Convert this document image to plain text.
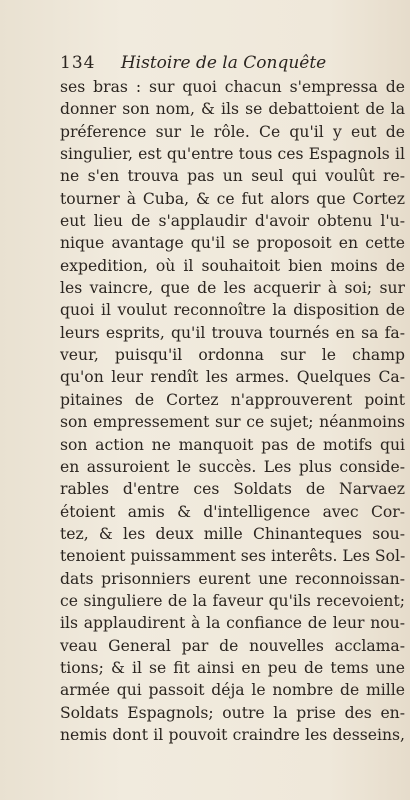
134 Histoire de la Conquête
ses bras : sur quoi chacun s'empressa de
donner son nom, & ils se debattoient de la
préference sur le rôle. Ce qu'il y eut de
singulier, est qu'entre tous ces Espagnols il
ne s'en trouva pas un seul qui voulût re-
tourner à Cuba, & ce fut alors que Cortez
eut lieu de s'applaudir d'avoir obtenu l'u-
nique avantage qu'il se proposoit en cette
expedition, où il souhaitoit bien moins de
les vaincre, que de les acquerir à soi; sur
quoi il voulut reconnoître la disposition de
leurs esprits, qu'il trouva tournés en sa fa-
veur, puisqu'il ordonna sur le champ
qu'on leur rendît les armes. Quelques Ca-
pitaines de Cortez n'approuverent point
son empressement sur ce sujet; néanmoins
son action ne manquoit pas de motifs qui
en assuroient le succès. Les plus conside-
rables d'entre ces Soldats de Narvaez
étoient amis & d'intelligence avec Cor-
tez, & les deux mille Chinanteques sou-
tenoient puissamment ses interêts. Les Sol-
dats prisonniers eurent une reconnoissan-
ce singuliere de la faveur qu'ils recevoient;
ils applaudirent à la confiance de leur nou-
veau General par de nouvelles acclama-
tions; & il se fit ainsi en peu de tems une
armée qui passoit déja le nombre de mille
Soldats Espagnols; outre la prise des en-
nemis dont il pouvoit craindre les desseins,
